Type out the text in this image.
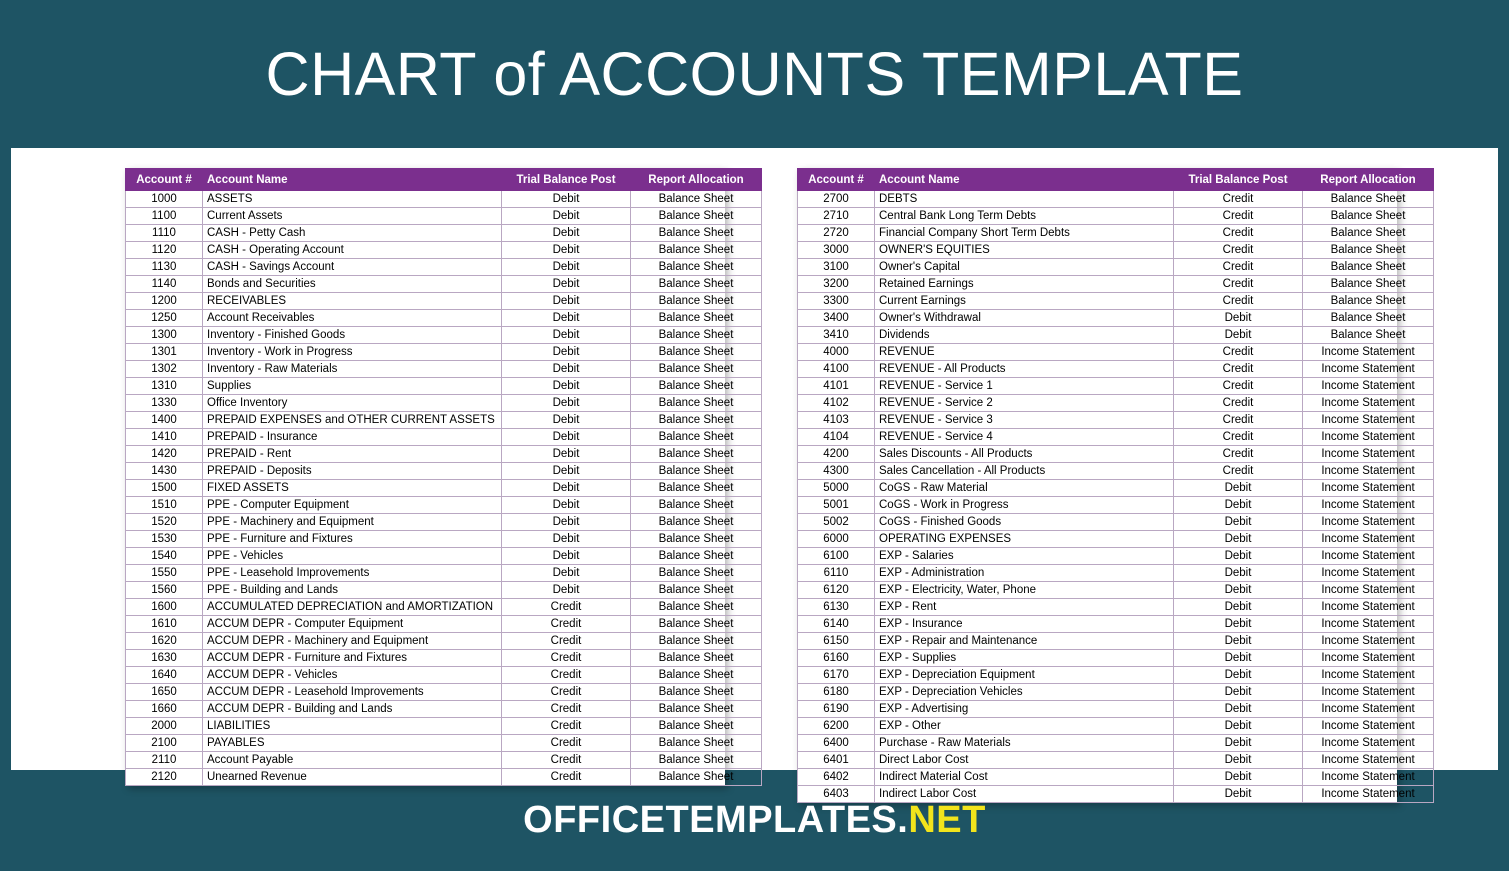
CHART of ACCOUNTS TEMPLATE
Account #	Account Name	Trial Balance Post	Report Allocation
1000	ASSETS	Debit	Balance Sheet
1100	Current Assets	Debit	Balance Sheet
1110	CASH - Petty Cash	Debit	Balance Sheet
1120	CASH - Operating Account	Debit	Balance Sheet
1130	CASH - Savings Account	Debit	Balance Sheet
1140	Bonds and Securities	Debit	Balance Sheet
1200	RECEIVABLES	Debit	Balance Sheet
1250	Account Receivables	Debit	Balance Sheet
1300	Inventory - Finished Goods	Debit	Balance Sheet
1301	Inventory - Work in Progress	Debit	Balance Sheet
1302	Inventory - Raw Materials	Debit	Balance Sheet
1310	Supplies	Debit	Balance Sheet
1330	Office Inventory	Debit	Balance Sheet
1400	PREPAID EXPENSES and OTHER CURRENT ASSETS	Debit	Balance Sheet
1410	PREPAID - Insurance	Debit	Balance Sheet
1420	PREPAID - Rent	Debit	Balance Sheet
1430	PREPAID - Deposits	Debit	Balance Sheet
1500	FIXED ASSETS	Debit	Balance Sheet
1510	PPE - Computer Equipment	Debit	Balance Sheet
1520	PPE - Machinery and Equipment	Debit	Balance Sheet
1530	PPE - Furniture and Fixtures	Debit	Balance Sheet
1540	PPE - Vehicles	Debit	Balance Sheet
1550	PPE - Leasehold Improvements	Debit	Balance Sheet
1560	PPE - Building and Lands	Debit	Balance Sheet
1600	ACCUMULATED DEPRECIATION and AMORTIZATION	Credit	Balance Sheet
1610	ACCUM DEPR - Computer Equipment	Credit	Balance Sheet
1620	ACCUM DEPR - Machinery and Equipment	Credit	Balance Sheet
1630	ACCUM DEPR - Furniture and Fixtures	Credit	Balance Sheet
1640	ACCUM DEPR - Vehicles	Credit	Balance Sheet
1650	ACCUM DEPR - Leasehold Improvements	Credit	Balance Sheet
1660	ACCUM DEPR - Building and Lands	Credit	Balance Sheet
2000	LIABILITIES	Credit	Balance Sheet
2100	PAYABLES	Credit	Balance Sheet
2110	Account Payable	Credit	Balance Sheet
2120	Unearned Revenue	Credit	Balance Sheet
Account #	Account Name	Trial Balance Post	Report Allocation
2700	DEBTS	Credit	Balance Sheet
2710	Central Bank Long Term Debts	Credit	Balance Sheet
2720	Financial Company Short Term Debts	Credit	Balance Sheet
3000	OWNER'S EQUITIES	Credit	Balance Sheet
3100	Owner's Capital	Credit	Balance Sheet
3200	Retained Earnings	Credit	Balance Sheet
3300	Current Earnings	Credit	Balance Sheet
3400	Owner's Withdrawal	Debit	Balance Sheet
3410	Dividends	Debit	Balance Sheet
4000	REVENUE	Credit	Income Statement
4100	REVENUE - All Products	Credit	Income Statement
4101	REVENUE - Service 1	Credit	Income Statement
4102	REVENUE - Service 2	Credit	Income Statement
4103	REVENUE - Service 3	Credit	Income Statement
4104	REVENUE - Service 4	Credit	Income Statement
4200	Sales Discounts - All Products	Credit	Income Statement
4300	Sales Cancellation - All Products	Credit	Income Statement
5000	CoGS - Raw Material	Debit	Income Statement
5001	CoGS - Work in Progress	Debit	Income Statement
5002	CoGS - Finished Goods	Debit	Income Statement
6000	OPERATING EXPENSES	Debit	Income Statement
6100	EXP - Salaries	Debit	Income Statement
6110	EXP - Administration	Debit	Income Statement
6120	EXP - Electricity, Water, Phone	Debit	Income Statement
6130	EXP - Rent	Debit	Income Statement
6140	EXP - Insurance	Debit	Income Statement
6150	EXP - Repair and Maintenance	Debit	Income Statement
6160	EXP - Supplies	Debit	Income Statement
6170	EXP - Depreciation Equipment	Debit	Income Statement
6180	EXP - Depreciation Vehicles	Debit	Income Statement
6190	EXP - Advertising	Debit	Income Statement
6200	EXP - Other	Debit	Income Statement
6400	Purchase - Raw Materials	Debit	Income Statement
6401	Direct Labor Cost	Debit	Income Statement
6402	Indirect Material Cost	Debit	Income Statement
6403	Indirect Labor Cost	Debit	Income Statement
OFFICETEMPLATES.NET
